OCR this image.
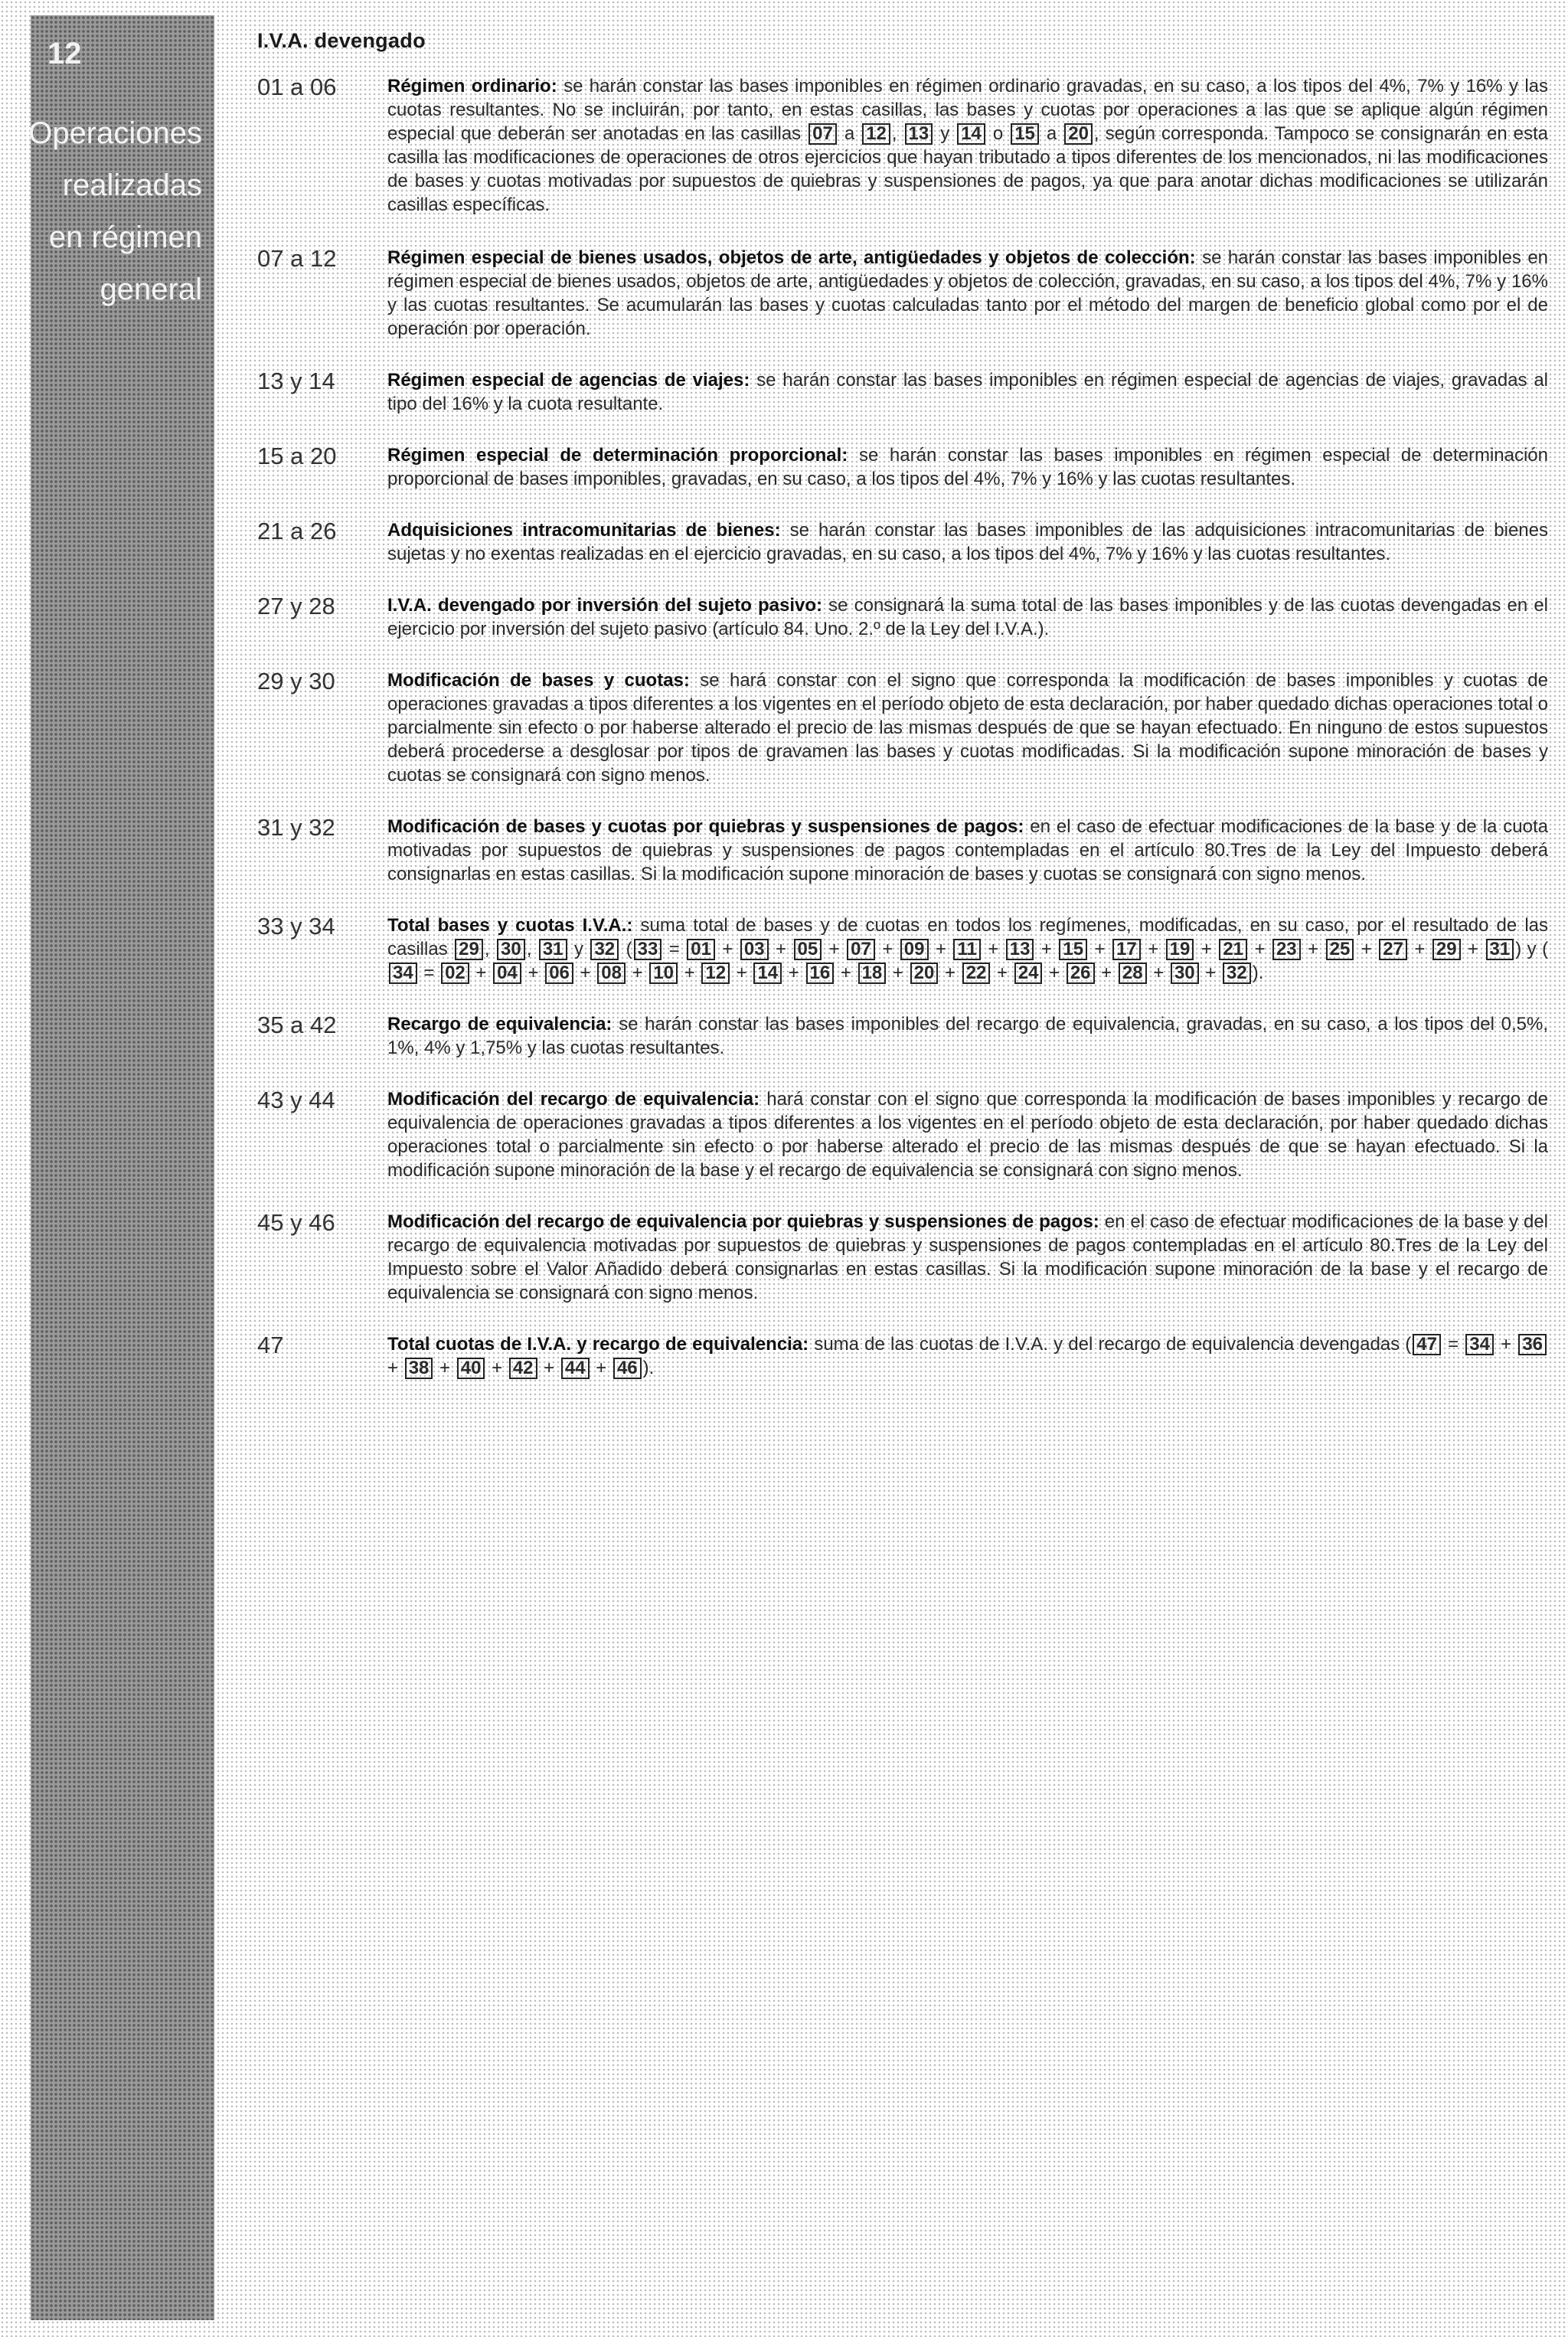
12
Operaciones
realizadas
en régimen
general
I.V.A. devengado
01 a 06	Régimen ordinario: se harán constar las bases imponibles en régimen ordinario gravadas, en su caso, a los tipos del 4%, 7% y 16% y las cuotas resultantes. No se incluirán, por tanto, en estas casillas, las bases y cuotas por operaciones a las que se aplique algún régimen especial que deberán ser anotadas en las casillas 07 a 12 , 13 y 14 o 15 a 20 , según corresponda. Tampoco se consignarán en esta casilla las modificaciones de operaciones de otros ejercicios que hayan tributado a tipos diferentes de los mencionados, ni las modificaciones de bases y cuotas motivadas por supuestos de quiebras y suspensiones de pagos, ya que para anotar dichas modificaciones se utilizarán casillas específicas.
07 a 12	Régimen especial de bienes usados, objetos de arte, antigüedades y objetos de colección: se harán constar las bases imponibles en régimen especial de bienes usados, objetos de arte, antigüedades y objetos de colección, gravadas, en su caso, a los tipos del 4%, 7% y 16% y las cuotas resultantes. Se acumularán las bases y cuotas calculadas tanto por el método del margen de beneficio global como por el de operación por operación.
13 y 14	Régimen especial de agencias de viajes: se harán constar las bases imponibles en régimen especial de agencias de viajes, gravadas al tipo del 16% y la cuota resultante.
15 a 20	Régimen especial de determinación proporcional: se harán constar las bases imponibles en régimen especial de determinación proporcional de bases imponibles, gravadas, en su caso, a los tipos del 4%, 7% y 16% y las cuotas resultantes.
21 a 26	Adquisiciones intracomunitarias de bienes: se harán constar las bases imponibles de las adquisiciones intracomunitarias de bienes sujetas y no exentas realizadas en el ejercicio gravadas, en su caso, a los tipos del 4%, 7% y 16% y las cuotas resultantes.
27 y 28	I.V.A. devengado por inversión del sujeto pasivo: se consignará la suma total de las bases imponibles y de las cuotas devengadas en el ejercicio por inversión del sujeto pasivo (artículo 84. Uno. 2.º de la Ley del I.V.A.).
29 y 30	Modificación de bases y cuotas: se hará constar con el signo que corresponda la modificación de bases imponibles y cuotas de operaciones gravadas a tipos diferentes a los vigentes en el período objeto de esta declaración, por haber quedado dichas operaciones total o parcialmente sin efecto o por haberse alterado el precio de las mismas después de que se hayan efectuado. En ninguno de estos supuestos deberá procederse a desglosar por tipos de gravamen las bases y cuotas modificadas. Si la modificación supone minoración de bases y cuotas se consignará con signo menos.
31 y 32	Modificación de bases y cuotas por quiebras y suspensiones de pagos: en el caso de efectuar modificaciones de la base y de la cuota motivadas por supuestos de quiebras y suspensiones de pagos contempladas en el artículo 80.Tres de la Ley del Impuesto deberá consignarlas en estas casillas. Si la modificación supone minoración de bases y cuotas se consignará con signo menos.
33 y 34	Total bases y cuotas I.V.A.: suma total de bases y de cuotas en todos los regímenes, modificadas, en su caso, por el resultado de las casillas 29 , 30 , 31 y 32 ( 33 = 01 + 03 + 05 + 07 + 09 + 11 + 13 + 15 + 17 + 19 + 21 + 23 + 25 + 27 + 29 + 31 ) y (34 = 02 + 04 + 06 + 08 + 10 + 12 + 14 + 16 + 18 + 20 + 22 + 24 + 26 + 28 + 30 + 32 ).
35 a 42	Recargo de equivalencia: se harán constar las bases imponibles del recargo de equivalencia, gravadas, en su caso, a los tipos del 0,5%, 1%, 4% y 1,75% y las cuotas resultantes.
43 y 44	Modificación del recargo de equivalencia: hará constar con el signo que corresponda la modificación de bases imponibles y recargo de equivalencia de operaciones gravadas a tipos diferentes a los vigentes en el período objeto de esta declaración, por haber quedado dichas operaciones total o parcialmente sin efecto o por haberse alterado el precio de las mismas después de que se hayan efectuado. Si la modificación supone minoración de la base y el recargo de equivalencia se consignará con signo menos.
45 y 46	Modificación del recargo de equivalencia por quiebras y suspensiones de pagos: en el caso de efectuar modificaciones de la base y del recargo de equivalencia motivadas por supuestos de quiebras y suspensiones de pagos contempladas en el artículo 80.Tres de la Ley del Impuesto sobre el Valor Añadido deberá consignarlas en estas casillas. Si la modificación supone minoración de la base y el recargo de equivalencia se consignará con signo menos.
47	Total cuotas de I.V.A. y recargo de equivalencia: suma de las cuotas de I.V.A. y del recargo de equivalencia devengadas ( 47 = 34 + 36 + 38 + 40 + 42 + 44 + 46 ).
